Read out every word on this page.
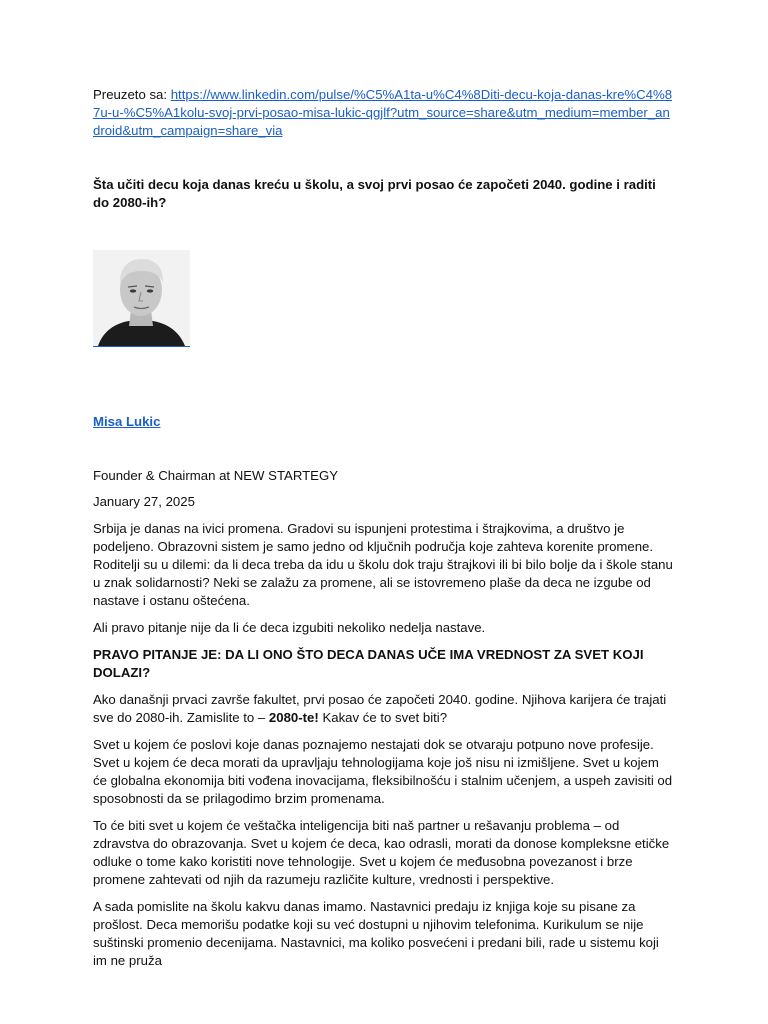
Preuzeto sa: https://www.linkedin.com/pulse/%C5%A1ta-u%C4%8Diti-decu-koja-danas-kre%C4%87u-u-%C5%A1kolu-svoj-prvi-posao-misa-lukic-qgjlf?utm_source=share&utm_medium=member_android&utm_campaign=share_via

Šta učiti decu koja danas kreću u školu, a svoj prvi posao će započeti 2040. godine i raditi do 2080-ih?

Misa Lukic

Founder & Chairman at NEW STARTEGY

January 27, 2025

Srbija je danas na ivici promena. Gradovi su ispunjeni protestima i štrajkovima, a društvo je podeljeno. Obrazovni sistem je samo jedno od ključnih područja koje zahteva korenite promene. Roditelji su u dilemi: da li deca treba da idu u školu dok traju štrajkovi ili bi bilo bolje da i škole stanu u znak solidarnosti? Neki se zalažu za promene, ali se istovremeno plaše da deca ne izgube od nastave i ostanu oštećena.

Ali pravo pitanje nije da li će deca izgubiti nekoliko nedelja nastave.

PRAVO PITANJE JE: DA LI ONO ŠTO DECA DANAS UČE IMA VREDNOST ZA SVET KOJI DOLAZI?

Ako današnji prvaci završe fakultet, prvi posao će započeti 2040. godine. Njihova karijera će trajati sve do 2080-ih. Zamislite to – 2080-te! Kakav će to svet biti?

Svet u kojem će poslovi koje danas poznajemo nestajati dok se otvaraju potpuno nove profesije. Svet u kojem će deca morati da upravljaju tehnologijama koje još nisu ni izmišljene. Svet u kojem će globalna ekonomija biti vođena inovacijama, fleksibilnošću i stalnim učenjem, a uspeh zavisiti od sposobnosti da se prilagodimo brzim promenama.

To će biti svet u kojem će veštačka inteligencija biti naš partner u rešavanju problema – od zdravstva do obrazovanja. Svet u kojem će deca, kao odrasli, morati da donose kompleksne etičke odluke o tome kako koristiti nove tehnologije. Svet u kojem će međusobna povezanost i brze promene zahtevati od njih da razumeju različite kulture, vrednosti i perspektive.

A sada pomislite na školu kakvu danas imamo. Nastavnici predaju iz knjiga koje su pisane za prošlost. Deca memorišu podatke koji su već dostupni u njihovim telefonima. Kurikulum se nije suštinski promenio decenijama. Nastavnici, ma koliko posvećeni i predani bili, rade u sistemu koji im ne pruža
